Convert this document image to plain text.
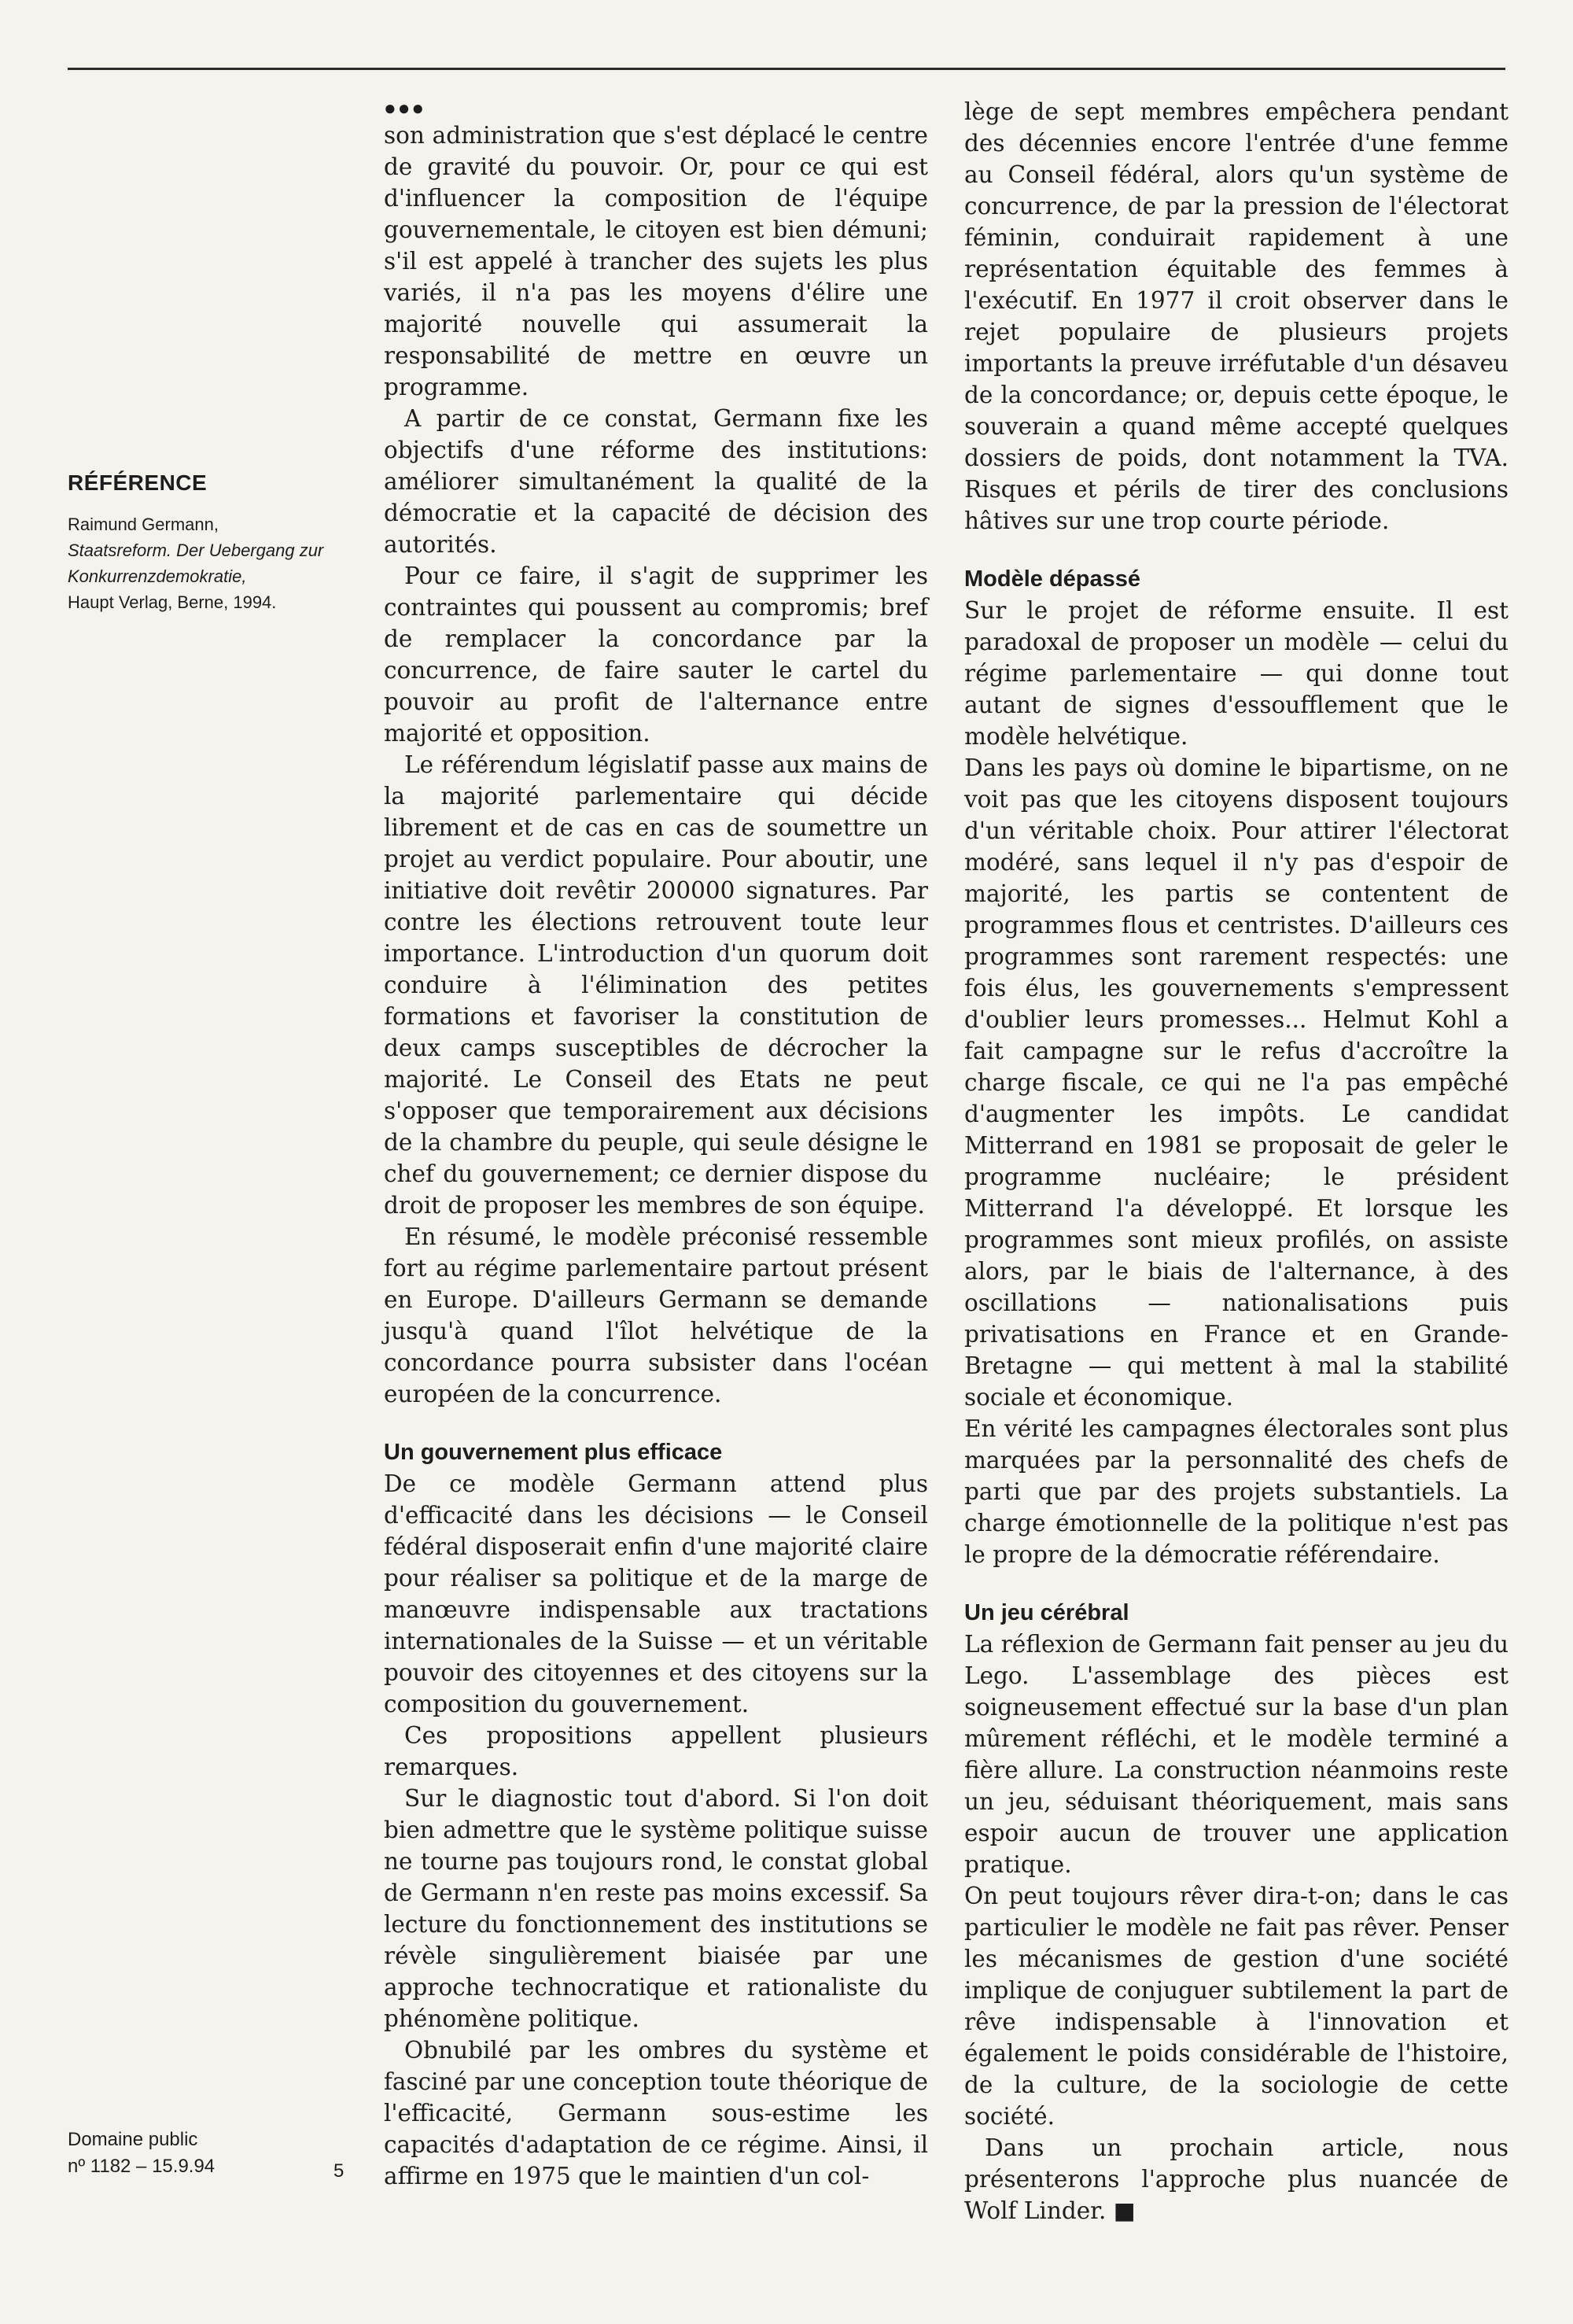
RÉFÉRENCE

Raimund Germann,

Staatsreform. Der Uebergang zur Konkurrenzdemokratie,

Haupt Verlag, Berne, 1994.

Domaine public
nº 1182 – 15.9.94	5
●●●

son administration que s'est déplacé le centre de gravité du pouvoir. Or, pour ce qui est d'influencer la composition de l'équipe gouvernementale, le citoyen est bien démuni; s'il est appelé à trancher des sujets les plus variés, il n'a pas les moyens d'élire une majorité nouvelle qui assumerait la responsabilité de mettre en œuvre un programme.

A partir de ce constat, Germann fixe les objectifs d'une réforme des institutions: améliorer simultanément la qualité de la démocratie et la capacité de décision des autorités.

Pour ce faire, il s'agit de supprimer les contraintes qui poussent au compromis; bref de remplacer la concordance par la concurrence, de faire sauter le cartel du pouvoir au profit de l'alternance entre majorité et opposition.

Le référendum législatif passe aux mains de la majorité parlementaire qui décide librement et de cas en cas de soumettre un projet au verdict populaire. Pour aboutir, une initiative doit revêtir 200000 signatures. Par contre les élections retrouvent toute leur importance. L'introduction d'un quorum doit conduire à l'élimination des petites formations et favoriser la constitution de deux camps susceptibles de décrocher la majorité. Le Conseil des Etats ne peut s'opposer que temporairement aux décisions de la chambre du peuple, qui seule désigne le chef du gouvernement; ce dernier dispose du droit de proposer les membres de son équipe.

En résumé, le modèle préconisé ressemble fort au régime parlementaire partout présent en Europe. D'ailleurs Germann se demande jusqu'à quand l'îlot helvétique de la concordance pourra subsister dans l'océan européen de la concurrence.

Un gouvernement plus efficace

De ce modèle Germann attend plus d'efficacité dans les décisions — le Conseil fédéral disposerait enfin d'une majorité claire pour réaliser sa politique et de la marge de manœuvre indispensable aux tractations internationales de la Suisse — et un véritable pouvoir des citoyennes et des citoyens sur la composition du gouvernement.

Ces propositions appellent plusieurs remarques.

Sur le diagnostic tout d'abord. Si l'on doit bien admettre que le système politique suisse ne tourne pas toujours rond, le constat global de Germann n'en reste pas moins excessif. Sa lecture du fonctionnement des institutions se révèle singulièrement biaisée par une approche technocratique et rationaliste du phénomène politique.

Obnubilé par les ombres du système et fasciné par une conception toute théorique de l'efficacité, Germann sous-estime les capacités d'adaptation de ce régime. Ainsi, il affirme en 1975 que le maintien d'un col-

lège de sept membres empêchera pendant des décennies encore l'entrée d'une femme au Conseil fédéral, alors qu'un système de concurrence, de par la pression de l'électorat féminin, conduirait rapidement à une représentation équitable des femmes à l'exécutif. En 1977 il croit observer dans le rejet populaire de plusieurs projets importants la preuve irréfutable d'un désaveu de la concordance; or, depuis cette époque, le souverain a quand même accepté quelques dossiers de poids, dont notamment la TVA. Risques et périls de tirer des conclusions hâtives sur une trop courte période.

Modèle dépassé

Sur le projet de réforme ensuite. Il est paradoxal de proposer un modèle — celui du régime parlementaire — qui donne tout autant de signes d'essoufflement que le modèle helvétique.

Dans les pays où domine le bipartisme, on ne voit pas que les citoyens disposent toujours d'un véritable choix. Pour attirer l'électorat modéré, sans lequel il n'y pas d'espoir de majorité, les partis se contentent de programmes flous et centristes. D'ailleurs ces programmes sont rarement respectés: une fois élus, les gouvernements s'empressent d'oublier leurs promesses... Helmut Kohl a fait campagne sur le refus d'accroître la charge fiscale, ce qui ne l'a pas empêché d'augmenter les impôts. Le candidat Mitterrand en 1981 se proposait de geler le programme nucléaire; le président Mitterrand l'a développé. Et lorsque les programmes sont mieux profilés, on assiste alors, par le biais de l'alternance, à des oscillations — nationalisations puis privatisations en France et en Grande-Bretagne — qui mettent à mal la stabilité sociale et économique.

En vérité les campagnes électorales sont plus marquées par la personnalité des chefs de parti que par des projets substantiels. La charge émotionnelle de la politique n'est pas le propre de la démocratie référendaire.

Un jeu cérébral

La réflexion de Germann fait penser au jeu du Lego. L'assemblage des pièces est soigneusement effectué sur la base d'un plan mûrement réfléchi, et le modèle terminé a fière allure. La construction néanmoins reste un jeu, séduisant théoriquement, mais sans espoir aucun de trouver une application pratique.

On peut toujours rêver dira-t-on; dans le cas particulier le modèle ne fait pas rêver. Penser les mécanismes de gestion d'une société implique de conjuguer subtilement la part de rêve indispensable à l'innovation et également le poids considérable de l'histoire, de la culture, de la sociologie de cette société.

Dans un prochain article, nous présenterons l'approche plus nuancée de Wolf Linder. ■
